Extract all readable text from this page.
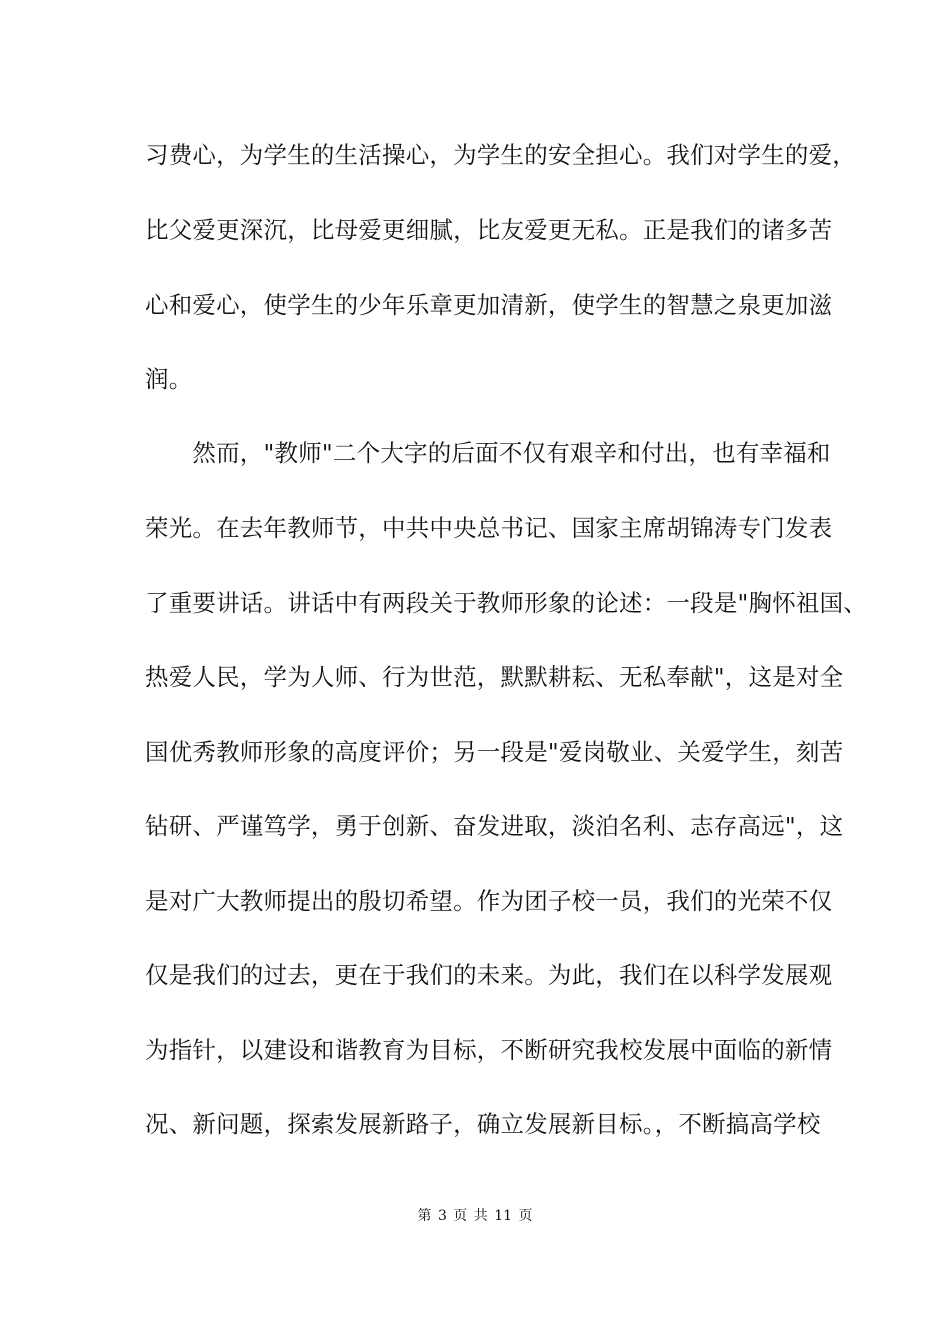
习费心，为学生的生活操心，为学生的安全担心。我们对学生的爱，
比父爱更深沉，比母爱更细腻，比友爱更无私。正是我们的诸多苦
心和爱心，使学生的少年乐章更加清新，使学生的智慧之泉更加滋
润。
　　然而，"教师"二个大字的后面不仅有艰辛和付出，也有幸福和
荣光。在去年教师节，中共中央总书记、国家主席胡锦涛专门发表
了重要讲话。讲话中有两段关于教师形象的论述：一段是"胸怀祖国、
热爱人民，学为人师、行为世范，默默耕耘、无私奉献"，这是对全
国优秀教师形象的高度评价；另一段是"爱岗敬业、关爱学生，刻苦
钻研、严谨笃学，勇于创新、奋发进取，淡泊名利、志存高远"，这
是对广大教师提出的殷切希望。作为团子校一员，我们的光荣不仅
仅是我们的过去，更在于我们的未来。为此，我们在以科学发展观
为指针，以建设和谐教育为目标，不断研究我校发展中面临的新情
况、新问题，探索发展新路子，确立发展新目标。，不断搞高学校
第 3 页 共 11 页
